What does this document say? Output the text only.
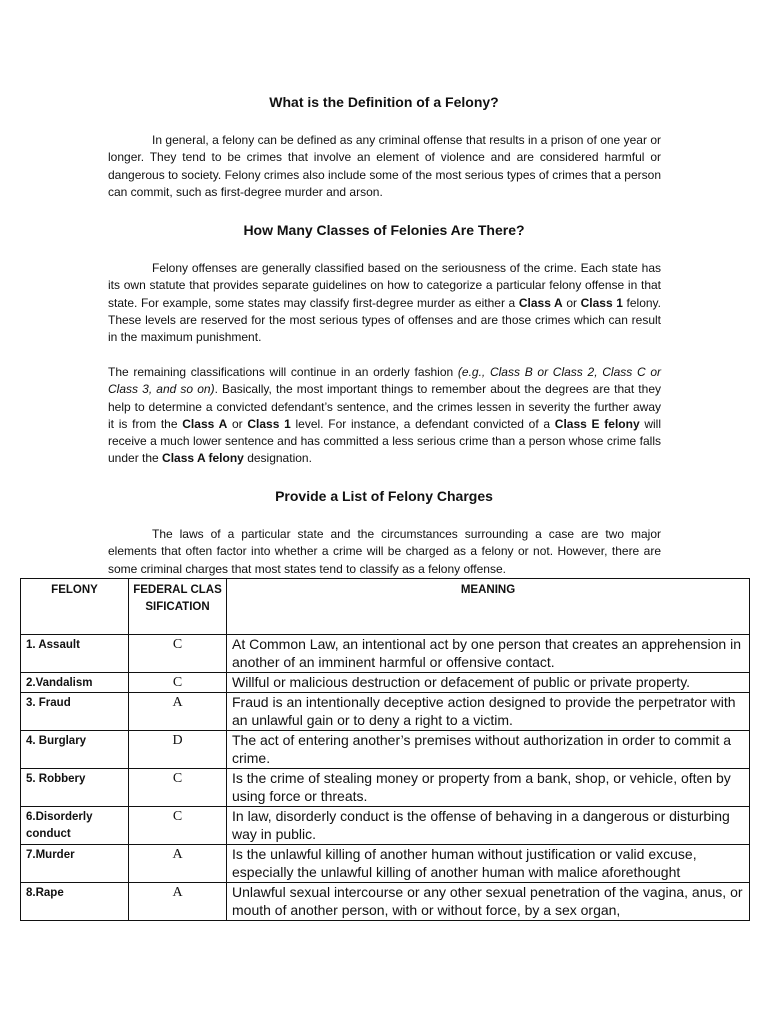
What is the Definition of a Felony?

In general, a felony can be defined as any criminal offense that results in a prison of one year or longer. They tend to be crimes that involve an element of violence and are considered harmful or dangerous to society. Felony crimes also include some of the most serious types of crimes that a person can commit, such as first-degree murder and arson.

How Many Classes of Felonies Are There?

Felony offenses are generally classified based on the seriousness of the crime. Each state has its own statute that provides separate guidelines on how to categorize a particular felony offense in that state. For example, some states may classify first-degree murder as either a Class A or Class 1 felony. These levels are reserved for the most serious types of offenses and are those crimes which can result in the maximum punishment.

The remaining classifications will continue in an orderly fashion (e.g., Class B or Class 2, Class C or Class 3, and so on). Basically, the most important things to remember about the degrees are that they help to determine a convicted defendant’s sentence, and the crimes lessen in severity the further away it is from the Class A or Class 1 level. For instance, a defendant convicted of a Class E felony will receive a much lower sentence and has committed a less serious crime than a person whose crime falls under the Class A felony designation.

Provide a List of Felony Charges

The laws of a particular state and the circumstances surrounding a case are two major elements that often factor into whether a crime will be charged as a felony or not. However, there are some criminal charges that most states tend to classify as a felony offense.

FELONY	FEDERAL CLASSIFICATION	MEANING
1. Assault	C	At Common Law, an intentional act by one person that creates an apprehension in another of an imminent harmful or offensive contact.
2.Vandalism	C	Willful or malicious destruction or defacement of public or private property.
3. Fraud	A	Fraud is an intentionally deceptive action designed to provide the perpetrator with an unlawful gain or to deny a right to a victim.
4. Burglary	D	The act of entering another’s premises without authorization in order to commit a crime.
5. Robbery	C	Is the crime of stealing money or property from a bank, shop, or vehicle, often by using force or threats.
6.Disorderly conduct	C	In law, disorderly conduct is the offense of behaving in a dangerous or disturbing way in public.
7.Murder	A	Is the unlawful killing of another human without justification or valid excuse, especially the unlawful killing of another human with malice aforethought
8.Rape	A	Unlawful sexual intercourse or any other sexual penetration of the vagina, anus, or mouth of another person, with or without force, by a sex organ,
